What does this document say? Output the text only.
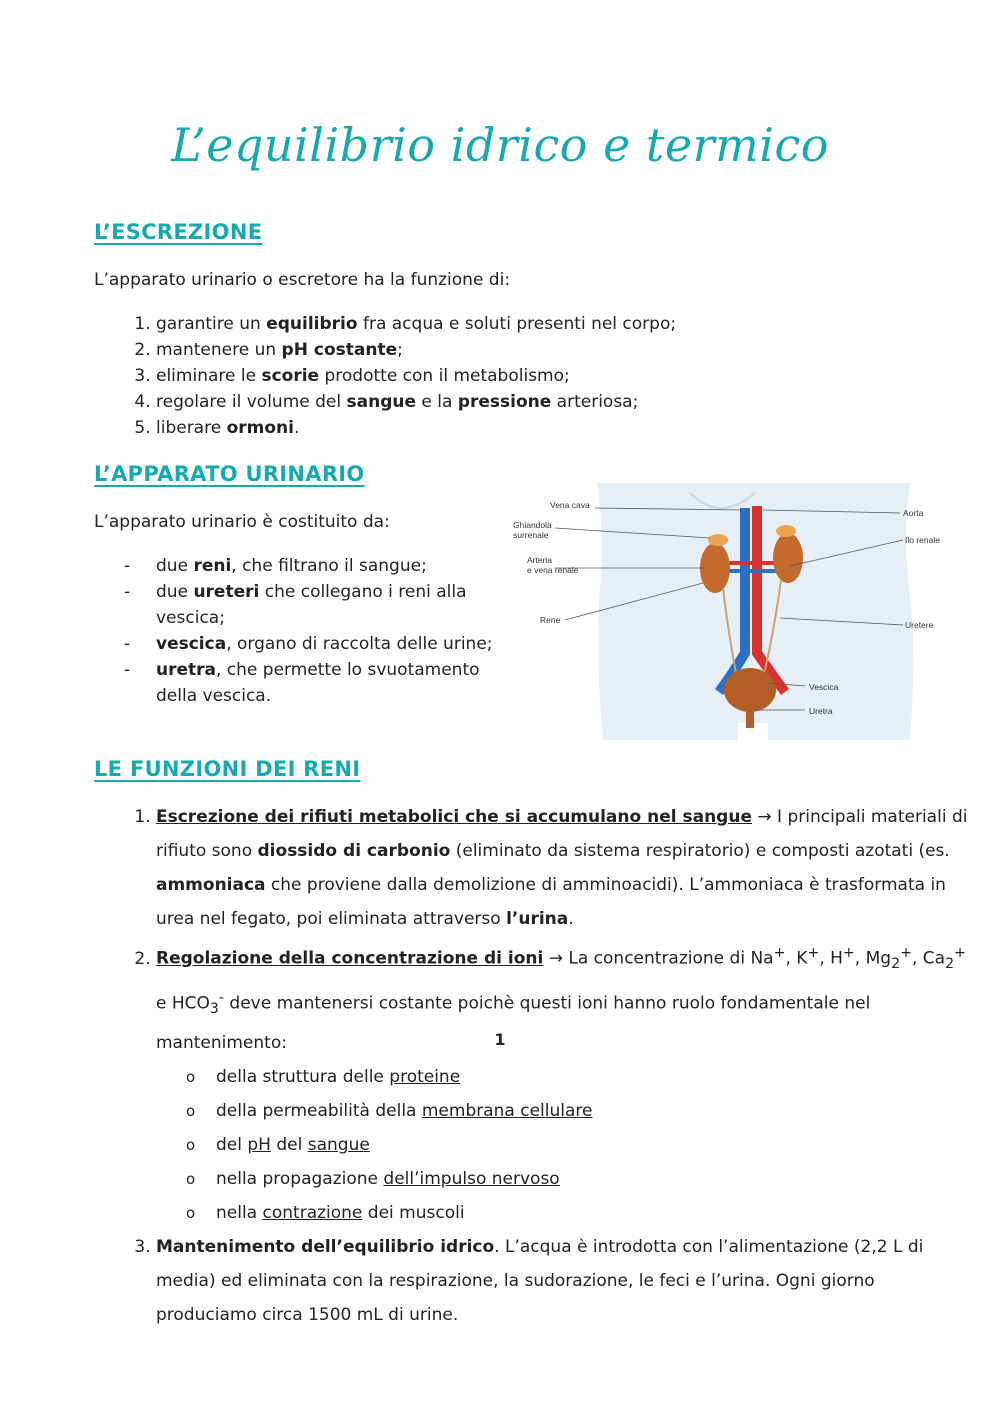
L’equilibrio idrico e termico
L’ESCREZIONE
L’apparato urinario o escretore ha la funzione di:
1. garantire un equilibrio fra acqua e soluti presenti nel corpo;
2. mantenere un pH costante;
3. eliminare le scorie prodotte con il metabolismo;
4. regolare il volume del sangue e la pressione arteriosa;
5. liberare ormoni.
L’APPARATO URINARIO
L’apparato urinario è costituito da:
- due reni, che filtrano il sangue;
- due ureteri che collegano i reni alla vescica;
- vescica, organo di raccolta delle urine;
- uretra, che permette lo svuotamento della vescica.
Vena cava
Ghiandola surrenale
Arteria e vena renale
Rene
Aorta
Ilo renale
Uretere
Vescica
Uretra
LE FUNZIONI DEI RENI
1. Escrezione dei rifiuti metabolici che si accumulano nel sangue → I principali materiali di rifiuto sono diossido di carbonio (eliminato da sistema respiratorio) e composti azotati (es. ammoniaca che proviene dalla demolizione di amminoacidi). L’ammoniaca è trasformata in urea nel fegato, poi eliminata attraverso l’urina.
2. Regolazione della concentrazione di ioni → La concentrazione di Na+, K+, H+, $Mg_2^+$, $Ca_2^+$ e $HCO_3^-$ deve mantenersi costante poichè questi ioni hanno ruolo fondamentale nel mantenimento:
o della struttura delle proteine
o della permeabilità della membrana cellulare
o del pH del sangue
o nella propagazione dell’impulso nervoso
o nella contrazione dei muscoli
3. Mantenimento dell’equilibrio idrico. L’acqua è introdotta con l’alimentazione (2,2 L di media) ed eliminata con la respirazione, la sudorazione, le feci e l’urina. Ogni giorno produciamo circa 1500 mL di urine.
1
